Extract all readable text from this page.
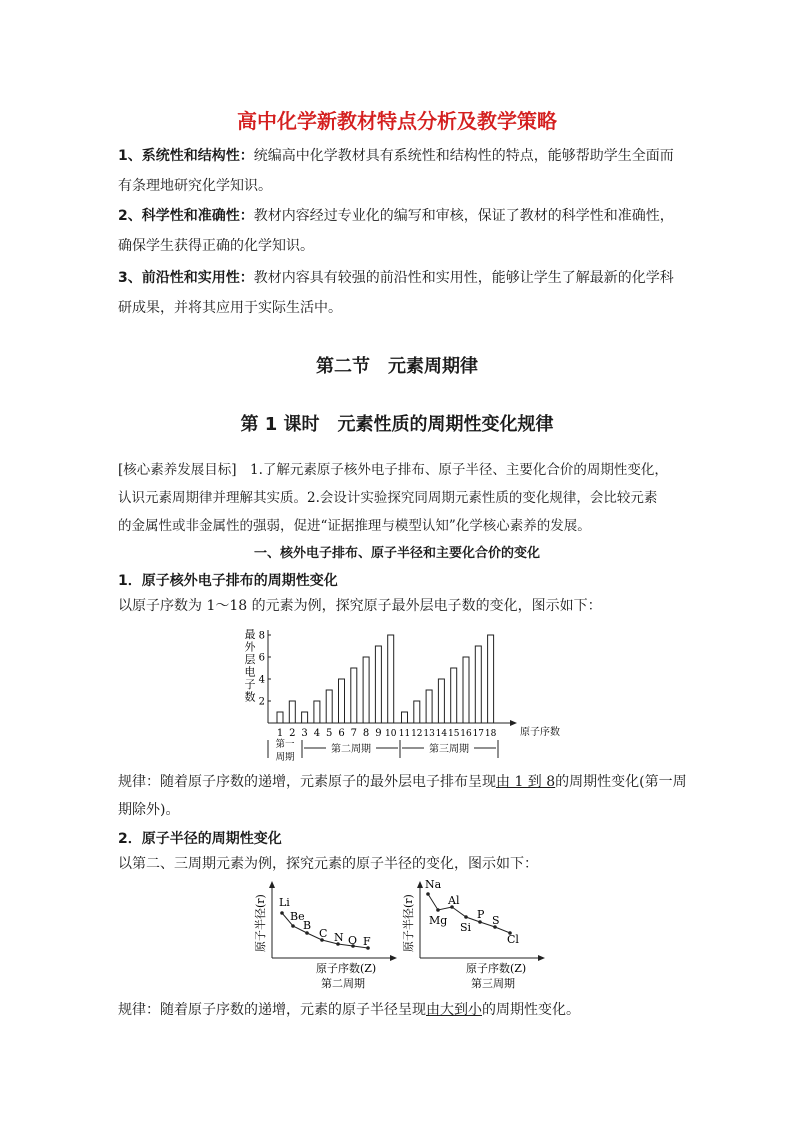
高中化学新教材特点分析及教学策略
1、系统性和结构性：统编高中化学教材具有系统性和结构性的特点，能够帮助学生全面而
有条理地研究化学知识。
2、科学性和准确性：教材内容经过专业化的编写和审核，保证了教材的科学性和准确性，
确保学生获得正确的化学知识。
3、前沿性和实用性：教材内容具有较强的前沿性和实用性，能够让学生了解最新的化学科
研成果，并将其应用于实际生活中。
第二节　元素周期律
第 1 课时　元素性质的周期性变化规律
[核心素养发展目标]　1.了解元素原子核外电子排布、原子半径、主要化合价的周期性变化，
认识元素周期律并理解其实质。2.会设计实验探究同周期元素性质的变化规律，会比较元素
的金属性或非金属性的强弱，促进“证据推理与模型认知”化学核心素养的发展。
一、核外电子排布、原子半径和主要化合价的变化
1．原子核外电子排布的周期性变化
以原子序数为 1～18 的元素为例，探究原子最外层电子数的变化，图示如下：
最
外
层
电
子
数 2
4
6
8
1 2 3 4 5 6 7 8 9 10 11 12 13 14 15 16 17 18 原子序数
第一
周期
第二周期	第三周期
规律：随着原子序数的递增，元素原子的最外层电子排布呈现由 1 到 8的周期性变化(第一周
期除外)。
2．原子半径的周期性变化
以第二、三周期元素为例，探究元素的原子半径的变化，图示如下：
原子半径(r) Li
Be
B
C N O F
原子序数(Z)
第二周期
原子半径(r)
Na
Mg
Al
Si
P S
Cl
原子序数(Z)
第三周期
规律：随着原子序数的递增，元素的原子半径呈现由大到小的周期性变化。
